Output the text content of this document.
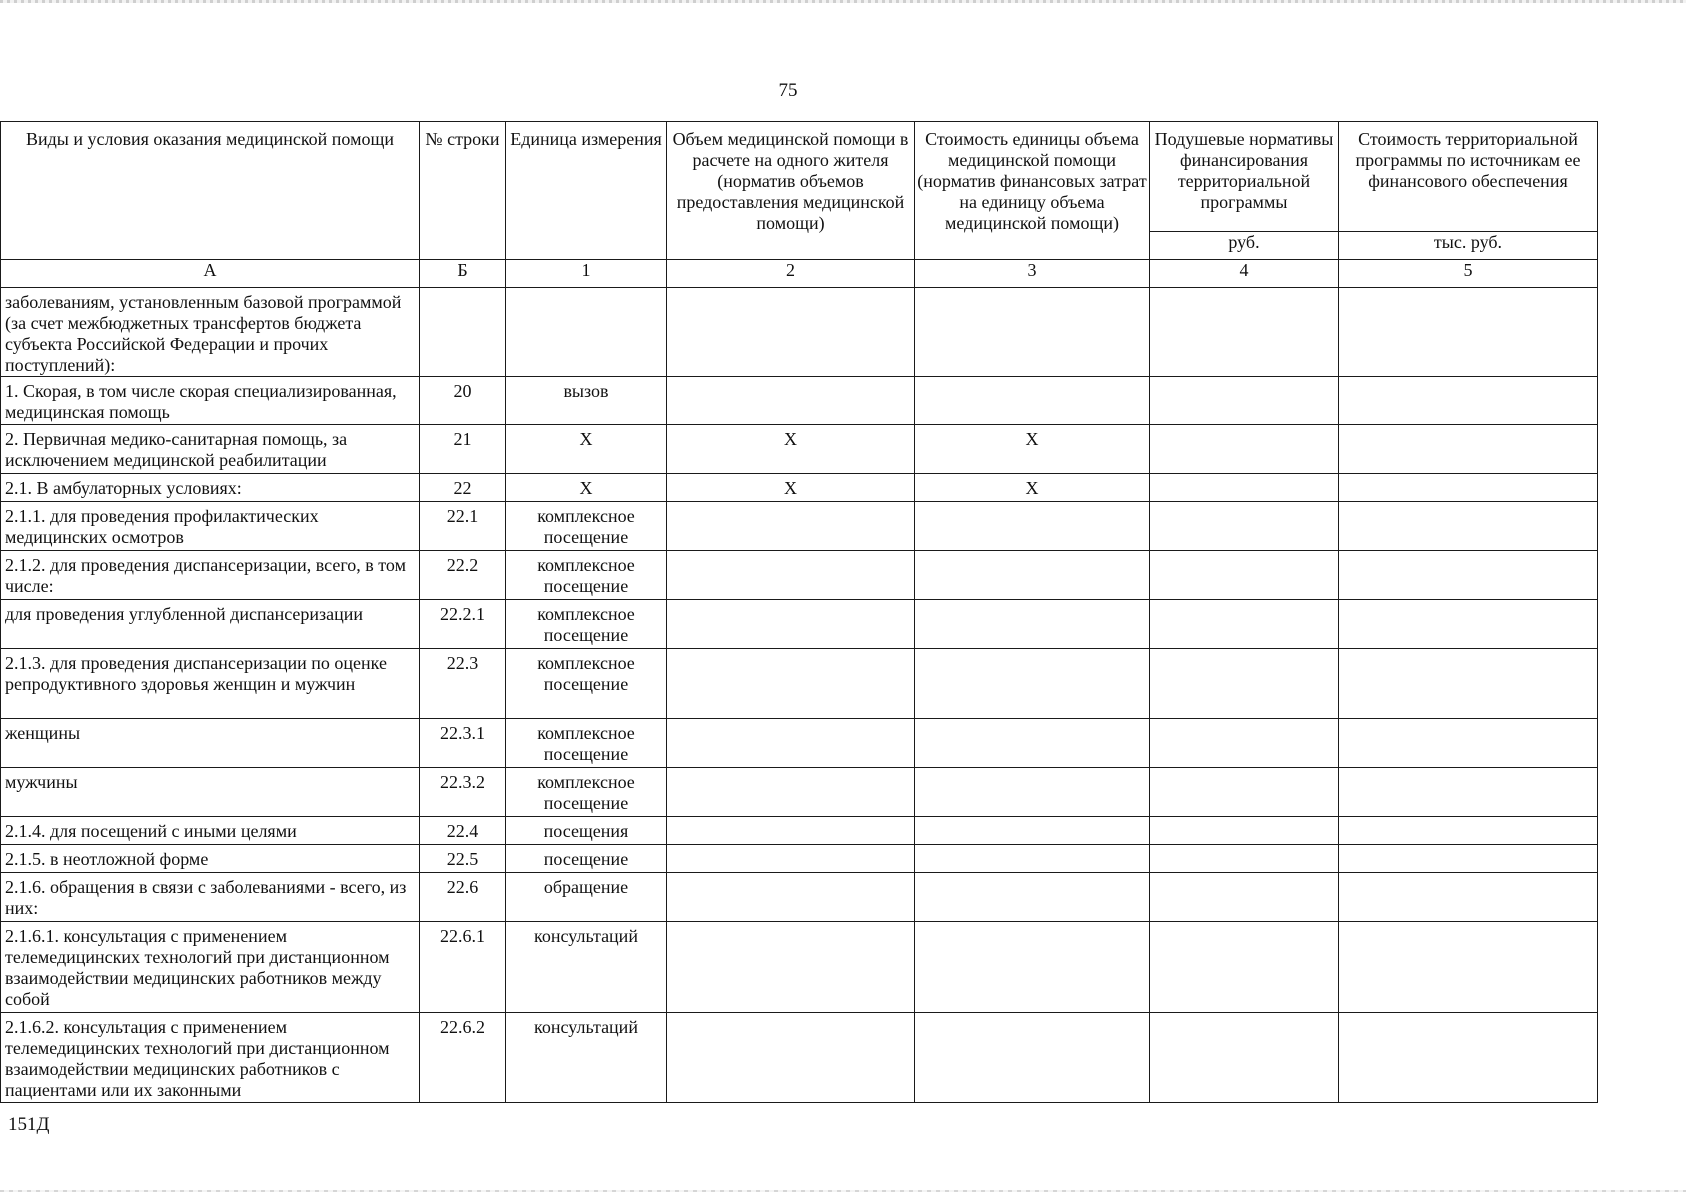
75
Виды и условия оказания медицинской помощи	№ строки	Единица измерения	Объем медицинской помощи в расчете на одного жителя (норматив объемов предоставления медицинской помощи)	Стоимость единицы объема медицинской помощи (норматив финансовых затрат на единицу объема медицинской помощи)	Подушевые нормативы финансирования территориальной программы	Стоимость территориальной программы по источникам ее финансового обеспечения
					руб.	тыс. руб.
А	Б	1	2	3	4	5

заболеваниям, установленным базовой программой (за счет межбюджетных трансфертов бюджета субъекта Российской Федерации и прочих поступлений):						

1. Скорая, в том числе скорая специализированная, медицинская помощь	20	вызов				

2. Первичная медико-санитарная помощь, за исключением медицинской реабилитации	21	X	X	X		

2.1. В амбулаторных условиях:	22	X	X	X		

2.1.1. для проведения профилактических медицинских осмотров	22.1	комплексное посещение				

2.1.2. для проведения диспансеризации, всего, в том числе:	22.2	комплексное посещение				

для проведения углубленной диспансеризации	22.2.1	комплексное посещение				

2.1.3. для проведения диспансеризации по оценке репродуктивного здоровья женщин и мужчин	22.3	комплексное посещение				

женщины	22.3.1	комплексное посещение				

мужчины	22.3.2	комплексное посещение				

2.1.4. для посещений с иными целями	22.4	посещения				

2.1.5. в неотложной форме	22.5	посещение				

2.1.6. обращения в связи с заболеваниями - всего, из них:	22.6	обращение				

2.1.6.1. консультация с применением телемедицинских технологий при дистанционном взаимодействии медицинских работников между собой	22.6.1	консультаций				

2.1.6.2. консультация с применением телемедицинских технологий при дистанционном взаимодействии медицинских работников с пациентами или их законными	22.6.2	консультаций				

151Д
